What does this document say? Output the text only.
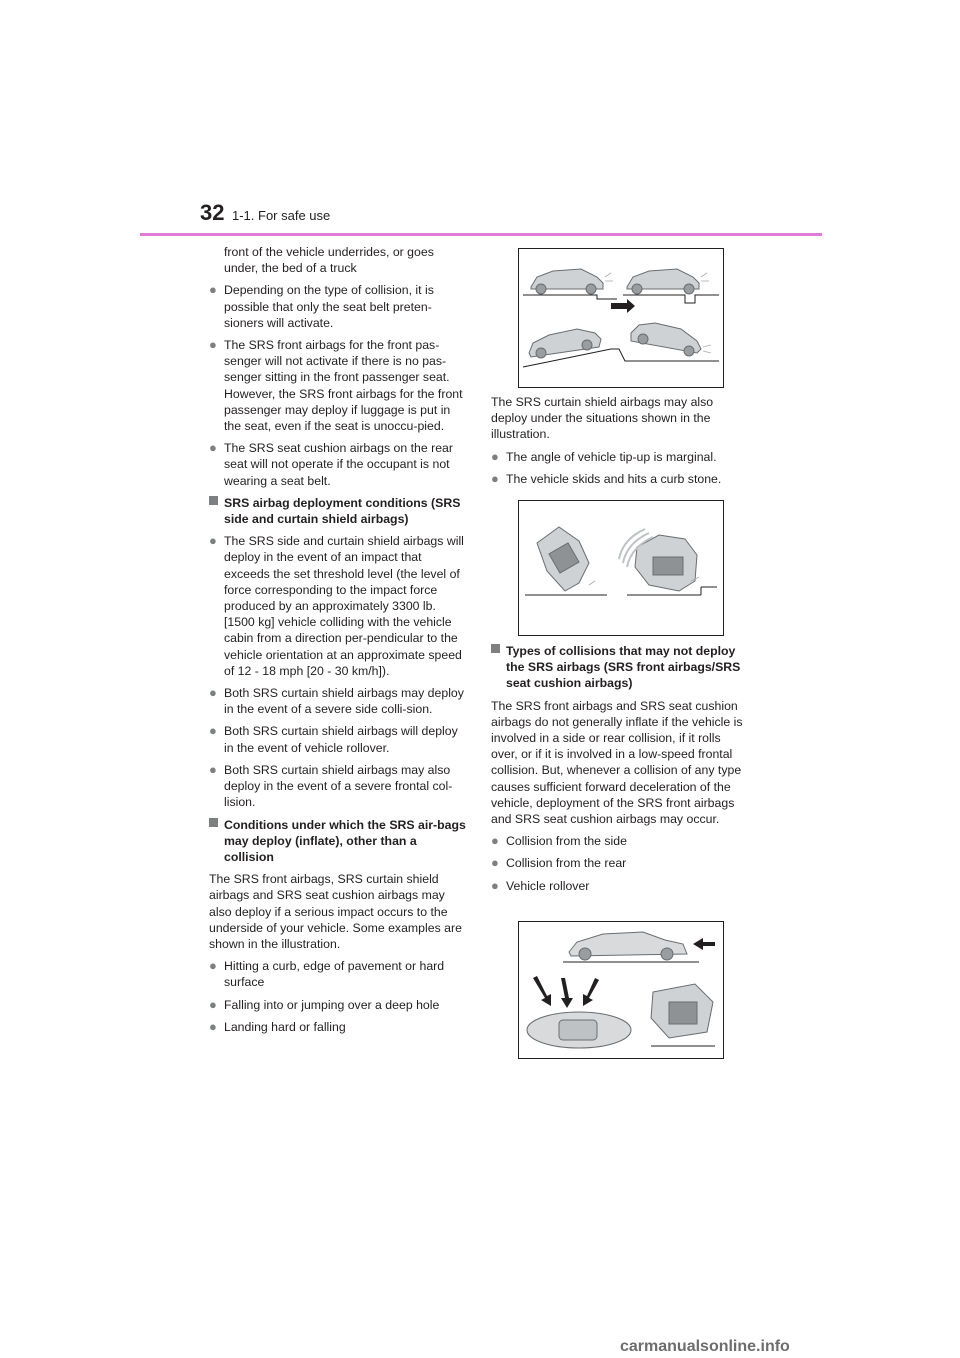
32 1-1. For safe use

front of the vehicle underrides, or goes under, the bed of a truck

● Depending on the type of collision, it is possible that only the seat belt preten-sioners will activate.
● The SRS front airbags for the front pas-senger will not activate if there is no pas-senger sitting in the front passenger seat. However, the SRS front airbags for the front passenger may deploy if luggage is put in the seat, even if the seat is unoccu-pied.
● The SRS seat cushion airbags on the rear seat will not operate if the occupant is not wearing a seat belt.
SRS airbag deployment conditions (SRS side and curtain shield airbags)
● The SRS side and curtain shield airbags will deploy in the event of an impact that exceeds the set threshold level (the level of force corresponding to the impact force produced by an approximately 3300 lb. [1500 kg] vehicle colliding with the vehicle cabin from a direction per-pendicular to the vehicle orientation at an approximate speed of 12 - 18 mph [20 - 30 km/h]).
● Both SRS curtain shield airbags may deploy in the event of a severe side colli-sion.
● Both SRS curtain shield airbags will deploy in the event of vehicle rollover.
● Both SRS curtain shield airbags may also deploy in the event of a severe frontal col-lision.
Conditions under which the SRS air-bags may deploy (inflate), other than a collision

The SRS front airbags, SRS curtain shield airbags and SRS seat cushion airbags may also deploy if a serious impact occurs to the underside of your vehicle. Some examples are shown in the illustration.

● Hitting a curb, edge of pavement or hard surface
● Falling into or jumping over a deep hole
● Landing hard or falling

The SRS curtain shield airbags may also deploy under the situations shown in the illustration.

● The angle of vehicle tip-up is marginal.
● The vehicle skids and hits a curb stone.
Types of collisions that may not deploy the SRS airbags (SRS front airbags/SRS seat cushion airbags)

The SRS front airbags and SRS seat cushion airbags do not generally inflate if the vehicle is involved in a side or rear collision, if it rolls over, or if it is involved in a low-speed frontal collision. But, whenever a collision of any type causes sufficient forward deceleration of the vehicle, deployment of the SRS front airbags and SRS seat cushion airbags may occur.

● Collision from the side
● Collision from the rear
● Vehicle rollover
carmanualsonline.info
